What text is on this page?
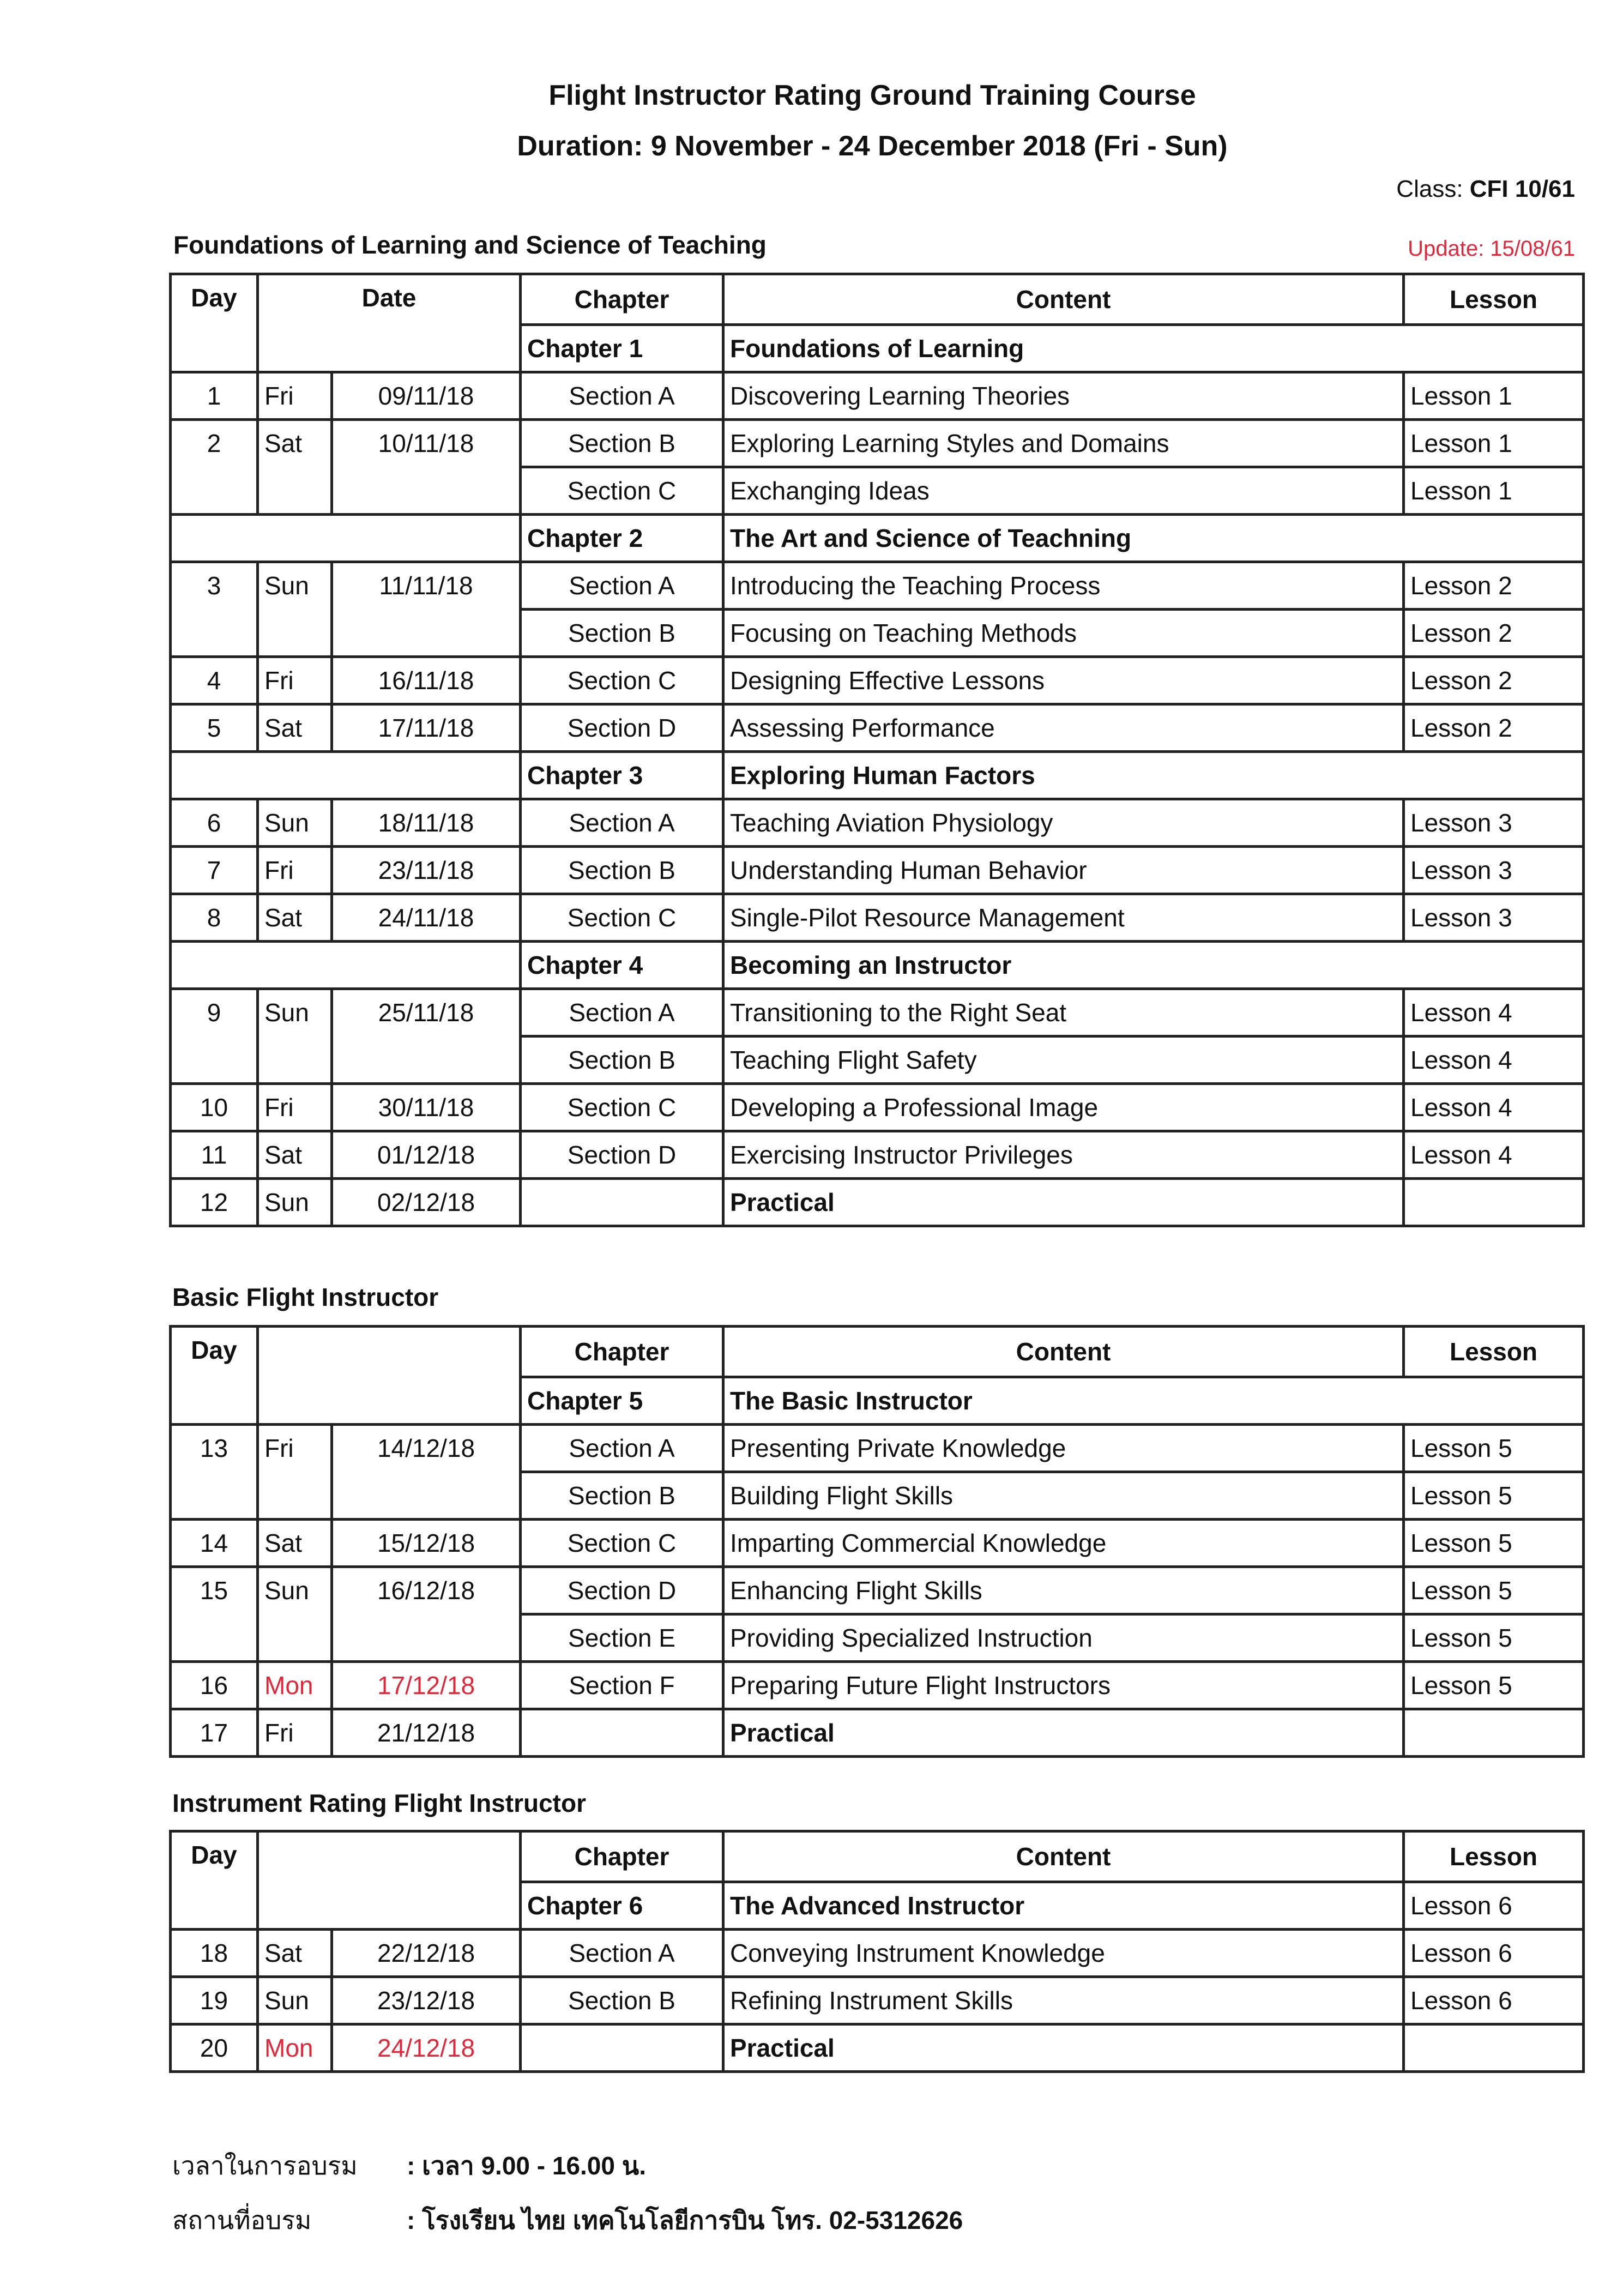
Flight Instructor Rating Ground Training Course
Duration: 9 November - 24 December 2018 (Fri - Sun)
Class: CFI 10/61
Foundations of Learning and Science of Teaching	Update: 15/08/61
Day	Date		Chapter	Content	Lesson
			Chapter 1	Foundations of Learning	
1	Fri	09/11/18	Section A	Discovering Learning Theories	Lesson 1
2	Sat	10/11/18	Section B	Exploring Learning Styles and Domains	Lesson 1
			Section C	Exchanging Ideas	Lesson 1
			Chapter 2	The Art and Science of Teachning	
3	Sun	11/11/18	Section A	Introducing the Teaching Process	Lesson 2
			Section B	Focusing on Teaching Methods	Lesson 2
4	Fri	16/11/18	Section C	Designing Effective Lessons	Lesson 2
5	Sat	17/11/18	Section D	Assessing Performance	Lesson 2
			Chapter 3	Exploring Human Factors	
6	Sun	18/11/18	Section A	Teaching Aviation Physiology	Lesson 3
7	Fri	23/11/18	Section B	Understanding Human Behavior	Lesson 3
8	Sat	24/11/18	Section C	Single-Pilot Resource Management	Lesson 3
			Chapter 4	Becoming an Instructor	
9	Sun	25/11/18	Section A	Transitioning to the Right Seat	Lesson 4
			Section B	Teaching Flight Safety	Lesson 4
10	Fri	30/11/18	Section C	Developing a Professional Image	Lesson 4
11	Sat	01/12/18	Section D	Exercising Instructor Privileges	Lesson 4
12	Sun	02/12/18		Practical	
Basic Flight Instructor
Day			Chapter	Content	Lesson
			Chapter 5	The Basic Instructor	
13	Fri	14/12/18	Section A	Presenting Private Knowledge	Lesson 5
			Section B	Building Flight Skills	Lesson 5
14	Sat	15/12/18	Section C	Imparting Commercial Knowledge	Lesson 5
15	Sun	16/12/18	Section D	Enhancing Flight Skills	Lesson 5
			Section E	Providing Specialized Instruction	Lesson 5
16	Mon	17/12/18	Section F	Preparing Future Flight Instructors	Lesson 5
17	Fri	21/12/18		Practical	
Instrument Rating Flight Instructor
Day			Chapter	Content	Lesson
			Chapter 6	The Advanced Instructor	Lesson 6
18	Sat	22/12/18	Section A	Conveying Instrument Knowledge	Lesson 6
19	Sun	23/12/18	Section B	Refining Instrument Skills	Lesson 6
20	Mon	24/12/18		Practical	
เวลาในการอบรม : เวลา 9.00 - 16.00 น.
สถานที่อบรม	: โรงเรียน ไทย เทคโนโลยีการบิน โทร. 02-5312626
